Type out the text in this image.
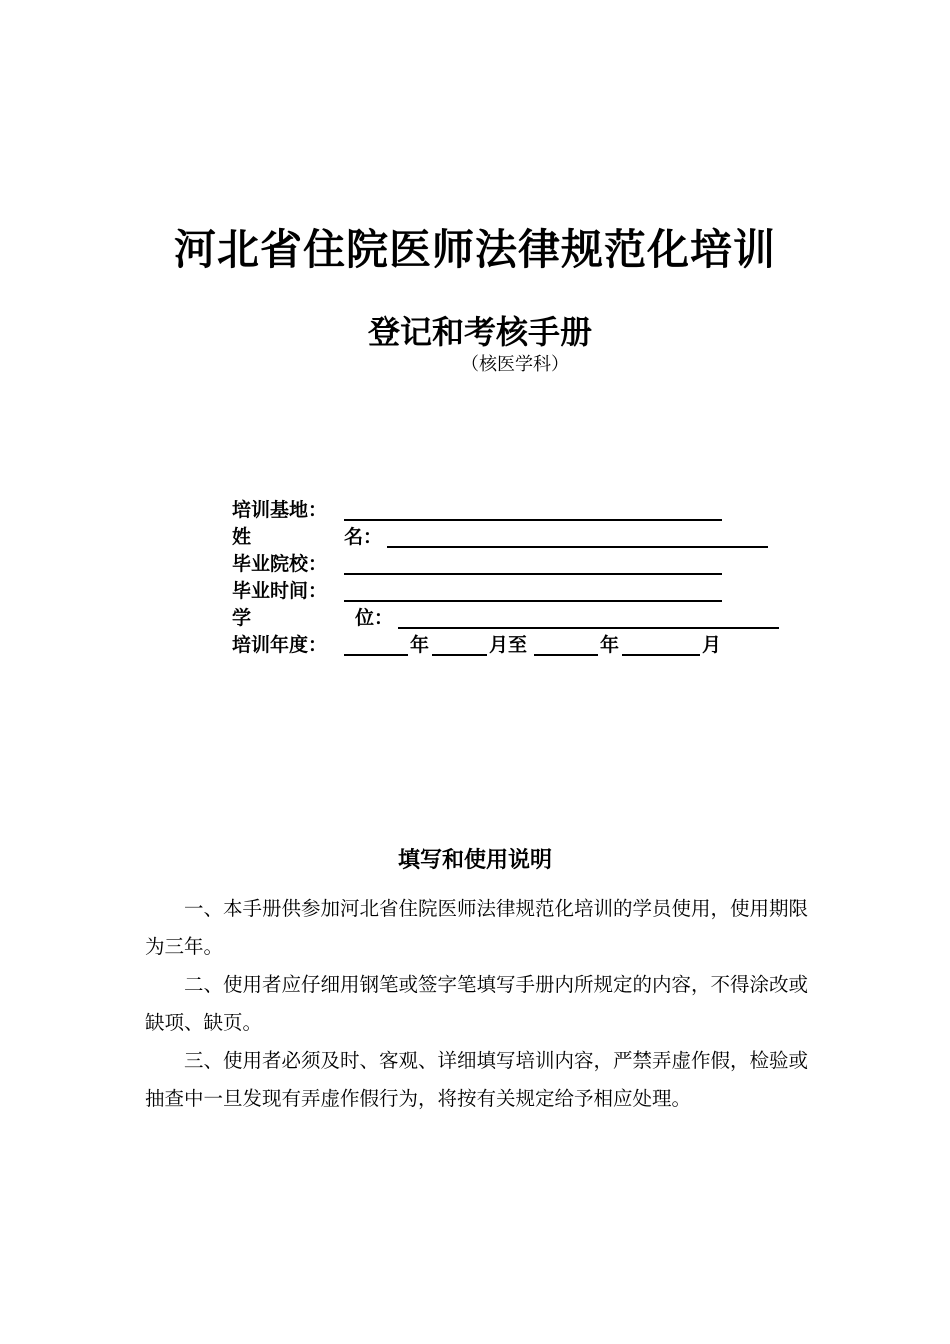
河北省住院医师法律规范化培训
登记和考核手册
（核医学科）
培训基地：
姓	名：
毕业院校：
毕业时间：
学	位：
培训年度：	年	月至	年	月
填写和使用说明

一、本手册供参加河北省住院医师法律规范化培训的学员使用，使用期限为三年。

二、使用者应仔细用钢笔或签字笔填写手册内所规定的内容，不得涂改或缺项、缺页。

三、使用者必须及时、客观、详细填写培训内容，严禁弄虚作假，检验或抽查中一旦发现有弄虚作假行为，将按有关规定给予相应处理。
